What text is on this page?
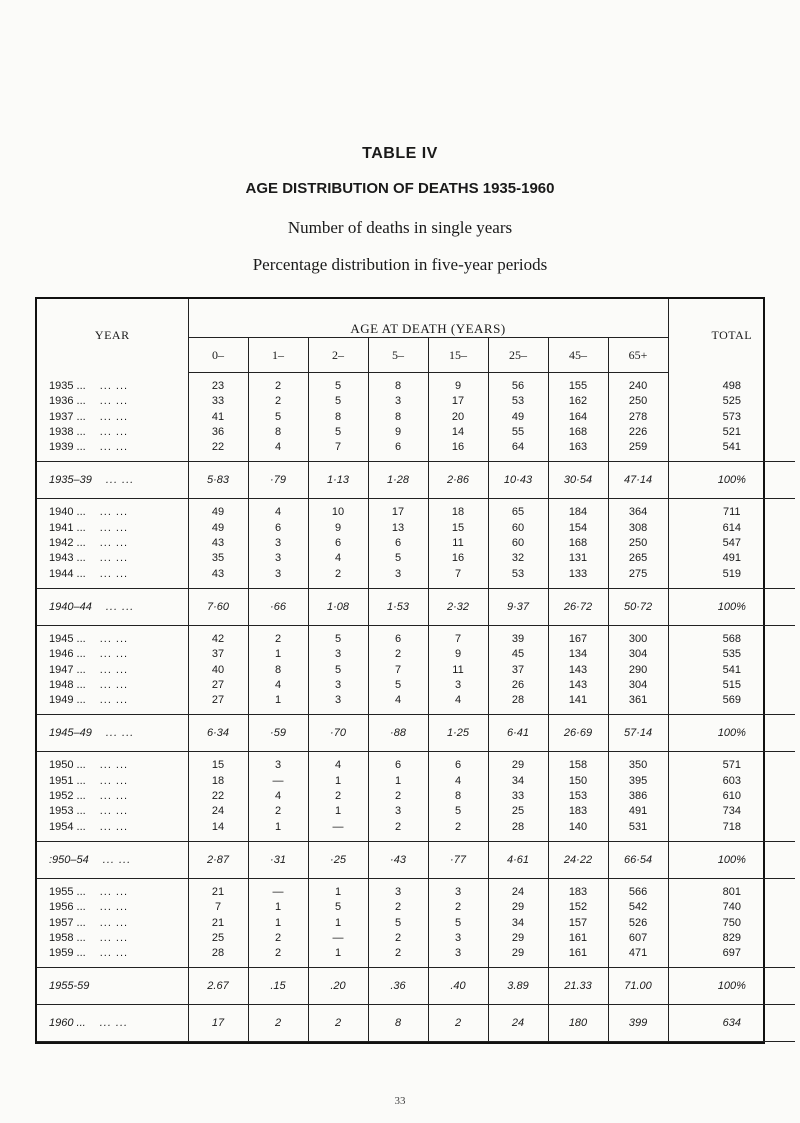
TABLE IV
AGE DISTRIBUTION OF DEATHS 1935-1960
Number of deaths in single years
Percentage distribution in five-year periods
YEAR	AGE AT DEATH (YEARS)								TOTAL
	0–	1–	2–	5–	15–	25–	45–	65+	

1935 ... ... ...	23	2	5	8	9	56	155	240	498
1936 ... ... ...	33	2	5	3	17	53	162	250	525
1937 ... ... ...	41	5	8	8	20	49	164	278	573
1938 ... ... ...	36	8	5	9	14	55	168	226	521
1939 ... ... ...	22	4	7	6	16	64	163	259	541

1935–39 ... ...	5·83	·79	1·13	1·28	2·86	10·43	30·54	47·14	100%

1940 ... ... ...	49	4	10	17	18	65	184	364	711
1941 ... ... ...	49	6	9	13	15	60	154	308	614
1942 ... ... ...	43	3	6	6	11	60	168	250	547
1943 ... ... ...	35	3	4	5	16	32	131	265	491
1944 ... ... ...	43	3	2	3	7	53	133	275	519

1940–44 ... ...	7·60	·66	1·08	1·53	2·32	9·37	26·72	50·72	100%

1945 ... ... ...	42	2	5	6	7	39	167	300	568
1946 ... ... ...	37	1	3	2	9	45	134	304	535
1947 ... ... ...	40	8	5	7	11	37	143	290	541
1948 ... ... ...	27	4	3	5	3	26	143	304	515
1949 ... ... ...	27	1	3	4	4	28	141	361	569

1945–49 ... ...	6·34	·59	·70	·88	1·25	6·41	26·69	57·14	100%

1950 ... ... ...	15	3	4	6	6	29	158	350	571
1951 ... ... ...	18	—	1	1	4	34	150	395	603
1952 ... ... ...	22	4	2	2	8	33	153	386	610
1953 ... ... ...	24	2	1	3	5	25	183	491	734
1954 ... ... ...	14	1	—	2	2	28	140	531	718

:950–54 ... ...	2·87	·31	·25	·43	·77	4·61	24·22	66·54	100%

1955 ... ... ...	21	—	1	3	3	24	183	566	801
1956 ... ... ...	7	1	5	2	2	29	152	542	740
1957 ... ... ...	21	1	1	5	5	34	157	526	750
1958 ... ... ...	25	2	—	2	3	29	161	607	829
1959 ... ... ...	28	2	1	2	3	29	161	471	697

1955-59	2.67	.15	.20	.36	.40	3.89	21.33	71.00	100%
1960 ... ... ...	17	2	2	8	2	24	180	399	634
33
